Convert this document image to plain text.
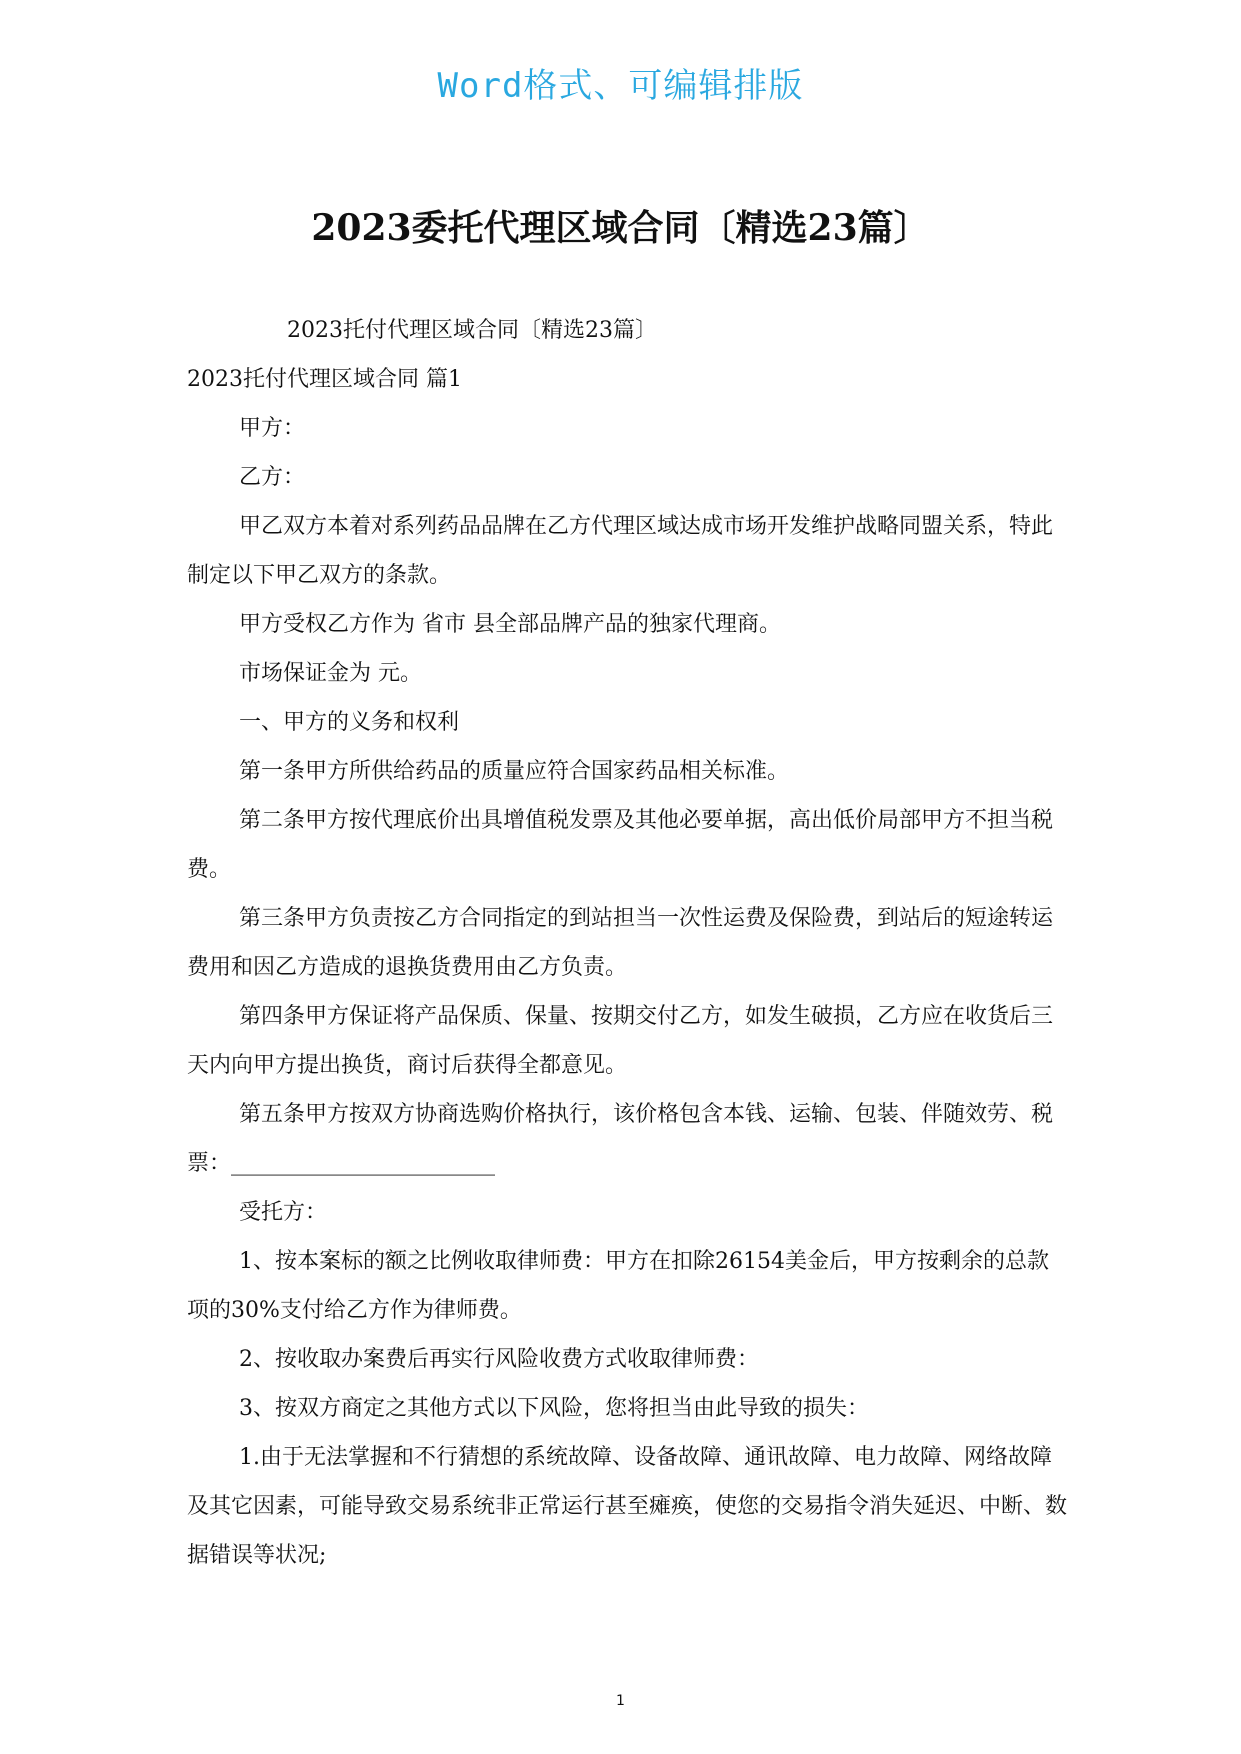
Word格式、可编辑排版
2023委托代理区域合同〔精选23篇〕

2023托付代理区域合同〔精选23篇〕

2023托付代理区域合同 篇1

甲方：

乙方：

甲乙双方本着对系列药品品牌在乙方代理区域达成市场开发维护战略同盟关系，特此制定以下甲乙双方的条款。

甲方受权乙方作为 省市 县全部品牌产品的独家代理商。

市场保证金为 元。

一、甲方的义务和权利

第一条甲方所供给药品的质量应符合国家药品相关标准。

第二条甲方按代理底价出具增值税发票及其他必要单据，高出低价局部甲方不担当税费。

第三条甲方负责按乙方合同指定的到站担当一次性运费及保险费，到站后的短途转运费用和因乙方造成的退换货费用由乙方负责。

第四条甲方保证将产品保质、保量、按期交付乙方，如发生破损，乙方应在收货后三天内向甲方提出换货，商讨后获得全都意见。

第五条甲方按双方协商选购价格执行，该价格包含本钱、运输、包装、伴随效劳、税票：________________________

受托方：

1、按本案标的额之比例收取律师费：甲方在扣除26154美金后，甲方按剩余的总款项的30%支付给乙方作为律师费。

2、按收取办案费后再实行风险收费方式收取律师费：

3、按双方商定之其他方式以下风险，您将担当由此导致的损失：

1.由于无法掌握和不行猜想的系统故障、设备故障、通讯故障、电力故障、网络故障及其它因素，可能导致交易系统非正常运行甚至瘫痪，使您的交易指令消失延迟、中断、数据错误等状况;

1
